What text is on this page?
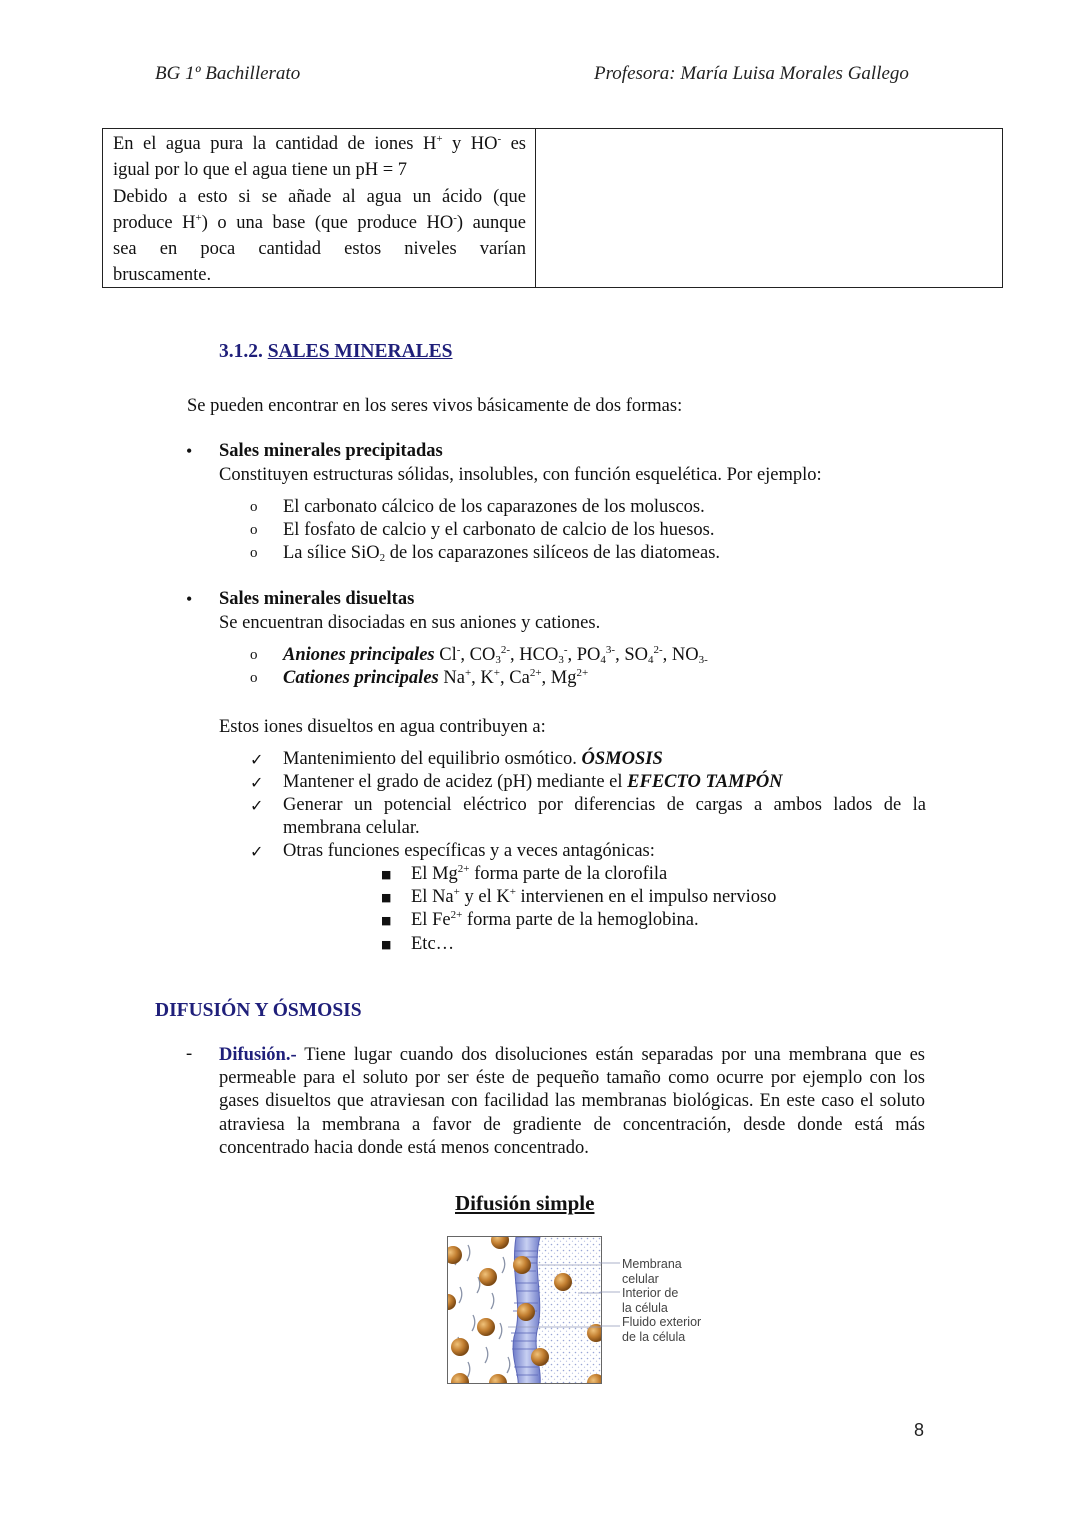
BG 1º Bachillerato	Profesora: María Luisa Morales Gallego
En el agua pura la cantidad de iones H+ y HO- es
igual por lo que el agua tiene un pH = 7
Debido a esto si se añade al agua un ácido (que
produce H+) o una base (que produce HO-) aunque
sea en poca cantidad estos niveles varían
bruscamente.
3.1.2. SALES MINERALES
Se pueden encontrar en los seres vivos básicamente de dos formas:
• Sales minerales precipitadas
Constituyen estructuras sólidas, insolubles, con función esquelética. Por ejemplo:
o	El carbonato cálcico de los caparazones de los moluscos.
o	El fosfato de calcio y el carbonato de calcio de los huesos.
o	La sílice SiO$_2$ de los caparazones silíceos de las diatomeas.
• Sales minerales disueltas
Se encuentran disociadas en sus aniones y cationes.
o	Aniones principales Cl-, $CO_3^{2-}$, $HCO_3^-$, $PO_4^{3-}$, $SO_4^{2-}$, $NO_{3-}$
o	Cationes principales Na+, K+, $Ca^{2+}$, $Mg^{2+}$
Estos iones disueltos en agua contribuyen a:
✓	Mantenimiento del equilibrio osmótico. ÓSMOSIS
✓	Mantener el grado de acidez (pH) mediante el EFECTO TAMPÓN
✓	Generar un potencial eléctrico por diferencias de cargas a ambos lados de la membrana celular.
✓	Otras funciones específicas y a veces antagónicas:
■	El $Mg^{2+}$ forma parte de la clorofila
■	El Na+ y el K+ intervienen en el impulso nervioso
■	El $Fe^{2+}$ forma parte de la hemoglobina.
■	Etc…
DIFUSIÓN Y ÓSMOSIS
- Difusión.- Tiene lugar cuando dos disoluciones están separadas por una membrana que es permeable para el soluto por ser éste de pequeño tamaño como ocurre por ejemplo con los gases disueltos que atraviesan con facilidad las membranas biológicas. En este caso el soluto atraviesa la membrana a favor de gradiente de concentración, desde donde está más concentrado hacia donde está menos concentrado.
Difusión simple
Membrana
celular
Interior de
la célula
Fluido exterior
de la célula
8
